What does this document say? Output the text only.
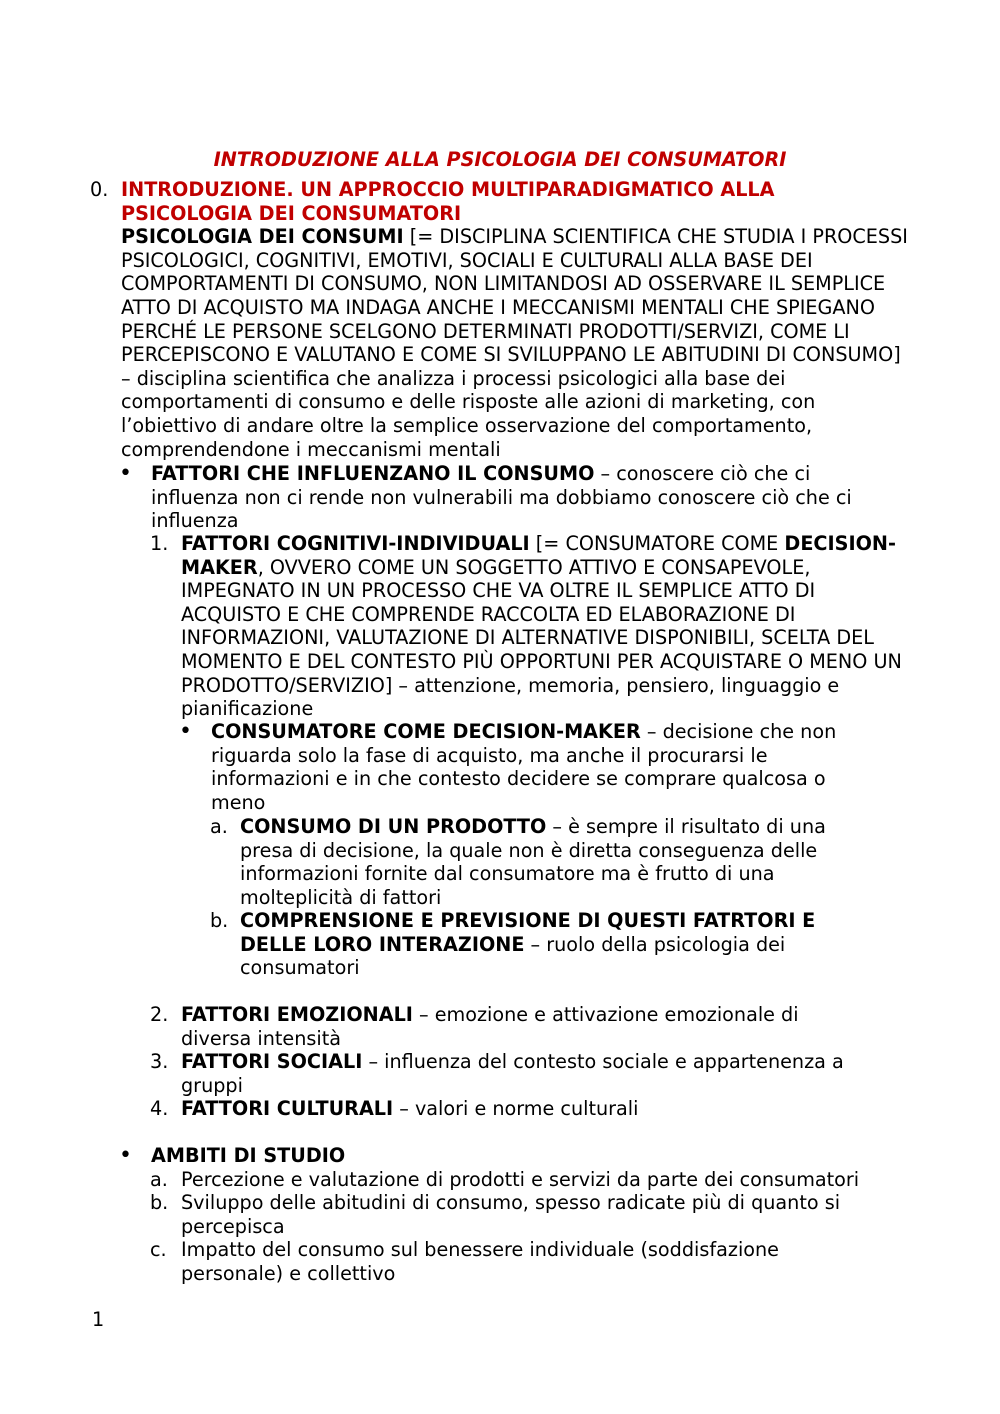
INTRODUZIONE ALLA PSICOLOGIA DEI CONSUMATORI
0. INTRODUZIONE. UN APPROCCIO MULTIPARADIGMATICO ALLA PSICOLOGIA DEI CONSUMATORI
PSICOLOGIA DEI CONSUMI [= DISCIPLINA SCIENTIFICA CHE STUDIA I PROCESSI PSICOLOGICI, COGNITIVI, EMOTIVI, SOCIALI E CULTURALI ALLA BASE DEI COMPORTAMENTI DI CONSUMO, NON LIMITANDOSI AD OSSERVARE IL SEMPLICE ATTO DI ACQUISTO MA INDAGA ANCHE I MECCANISMI MENTALI CHE SPIEGANO PERCHÉ LE PERSONE SCELGONO DETERMINATI PRODOTTI/SERVIZI, COME LI PERCEPISCONO E VALUTANO E COME SI SVILUPPANO LE ABITUDINI DI CONSUMO] – disciplina scientifica che analizza i processi psicologici alla base dei comportamenti di consumo e delle risposte alle azioni di marketing, con l’obiettivo di andare oltre la semplice osservazione del comportamento, comprendendone i meccanismi mentali
• FATTORI CHE INFLUENZANO IL CONSUMO – conoscere ciò che ci influenza non ci rende non vulnerabili ma dobbiamo conoscere ciò che ci influenza
1. FATTORI COGNITIVI-INDIVIDUALI [= CONSUMATORE COME DECISION-MAKER, OVVERO COME UN SOGGETTO ATTIVO E CONSAPEVOLE, IMPEGNATO IN UN PROCESSO CHE VA OLTRE IL SEMPLICE ATTO DI ACQUISTO E CHE COMPRENDE RACCOLTA ED ELABORAZIONE DI INFORMAZIONI, VALUTAZIONE DI ALTERNATIVE DISPONIBILI, SCELTA DEL MOMENTO E DEL CONTESTO PIÙ OPPORTUNI PER ACQUISTARE O MENO UN PRODOTTO/SERVIZIO] – attenzione, memoria, pensiero, linguaggio e pianificazione
• CONSUMATORE COME DECISION-MAKER – decisione che non riguarda solo la fase di acquisto, ma anche il procurarsi le informazioni e in che contesto decidere se comprare qualcosa o meno
a. CONSUMO DI UN PRODOTTO – è sempre il risultato di una presa di decisione, la quale non è diretta conseguenza delle informazioni fornite dal consumatore ma è frutto di una molteplicità di fattori
b. COMPRENSIONE E PREVISIONE DI QUESTI FATRTORI E DELLE LORO INTERAZIONE – ruolo della psicologia dei consumatori
2. FATTORI EMOZIONALI – emozione e attivazione emozionale di diversa intensità
3. FATTORI SOCIALI – influenza del contesto sociale e appartenenza a gruppi
4. FATTORI CULTURALI – valori e norme culturali
• AMBITI DI STUDIO
a. Percezione e valutazione di prodotti e servizi da parte dei consumatori
b. Sviluppo delle abitudini di consumo, spesso radicate più di quanto si percepisca
c. Impatto del consumo sul benessere individuale (soddisfazione personale) e collettivo
1
